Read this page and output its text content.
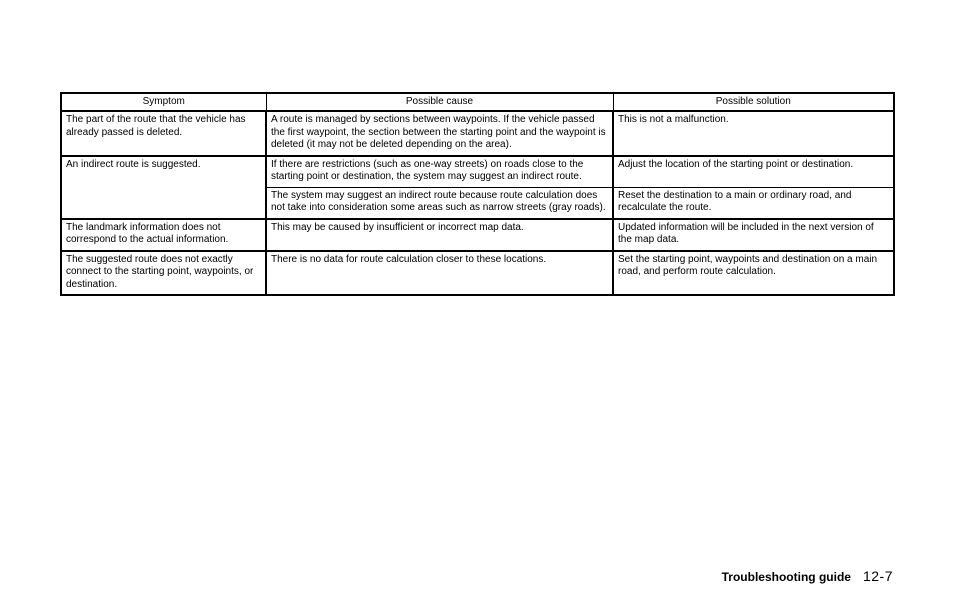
Symptom	Possible cause	Possible solution
The part of the route that the vehicle has already passed is deleted.	A route is managed by sections between waypoints. If the vehicle passed the first waypoint, the section between the starting point and the waypoint is deleted (it may not be deleted depending on the area).	This is not a malfunction.
An indirect route is suggested.	If there are restrictions (such as one-way streets) on roads close to the starting point or destination, the system may suggest an indirect route.	Adjust the location of the starting point or destination.
	The system may suggest an indirect route because route calculation does not take into consideration some areas such as narrow streets (gray roads).	Reset the destination to a main or ordinary road, and recalculate the route.
The landmark information does not correspond to the actual information.	This may be caused by insufficient or incorrect map data.	Updated information will be included in the next version of the map data.
The suggested route does not exactly connect to the starting point, waypoints, or destination.	There is no data for route calculation closer to these locations.	Set the starting point, waypoints and destination on a main road, and perform route calculation.
Troubleshooting guide 12-7
